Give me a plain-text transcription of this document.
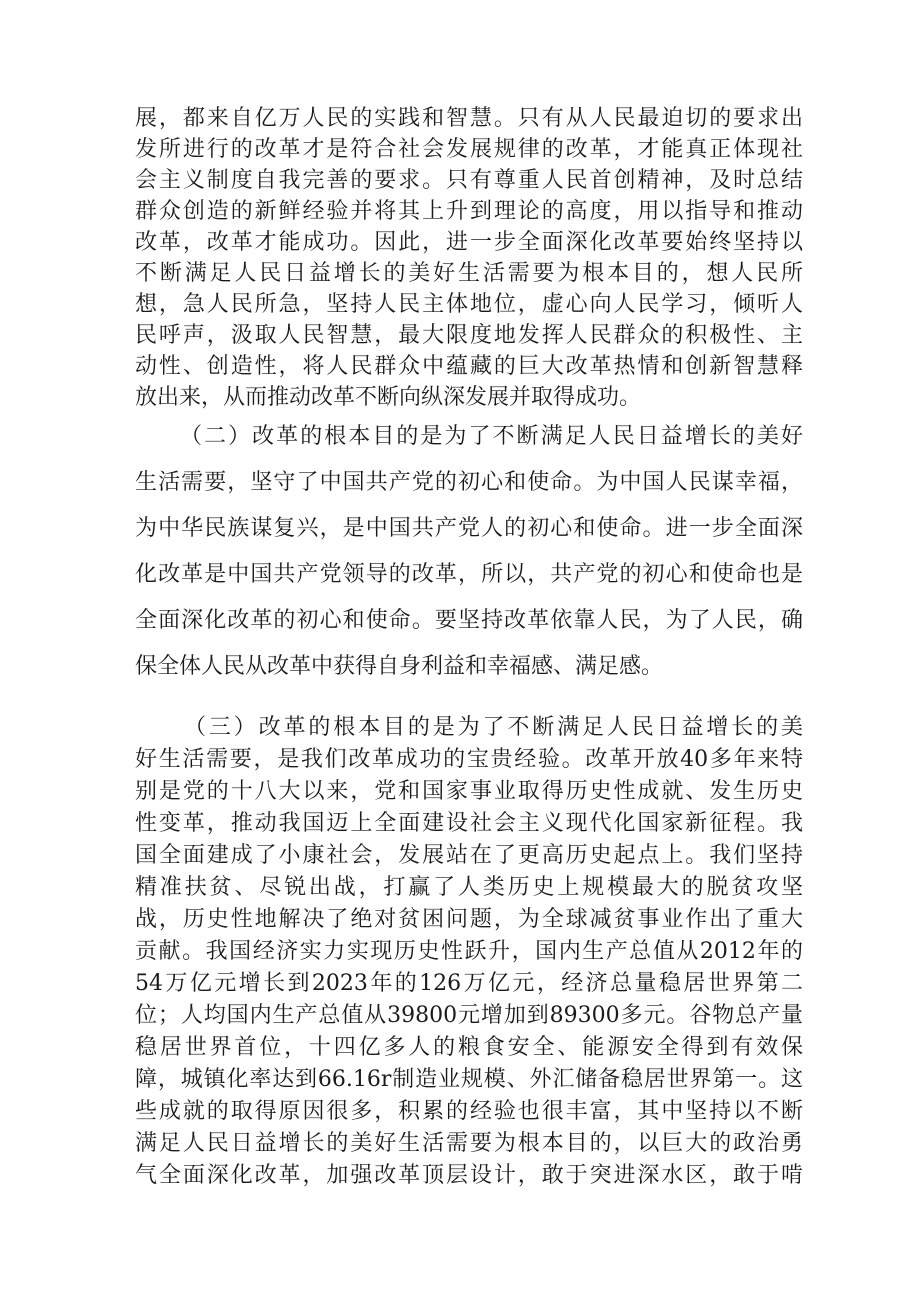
展，都来自亿万人民的实践和智慧。只有从人民最迫切的要求出
发所进行的改革才是符合社会发展规律的改革，才能真正体现社
会主义制度自我完善的要求。只有尊重人民首创精神，及时总结
群众创造的新鲜经验并将其上升到理论的高度，用以指导和推动
改革，改革才能成功。因此，进一步全面深化改革要始终坚持以
不断满足人民日益增长的美好生活需要为根本目的，想人民所
想，急人民所急，坚持人民主体地位，虚心向人民学习，倾听人
民呼声，汲取人民智慧，最大限度地发挥人民群众的积极性、主
动性、创造性，将人民群众中蕴藏的巨大改革热情和创新智慧释
放出来，从而推动改革不断向纵深发展并取得成功。
（二）改革的根本目的是为了不断满足人民日益增长的美好
生活需要，坚守了中国共产党的初心和使命。为中国人民谋幸福，
为中华民族谋复兴，是中国共产党人的初心和使命。进一步全面深
化改革是中国共产党领导的改革，所以，共产党的初心和使命也是
全面深化改革的初心和使命。要坚持改革依靠人民，为了人民，确
保全体人民从改革中获得自身利益和幸福感、满足感。
（三）改革的根本目的是为了不断满足人民日益增长的美
好生活需要，是我们改革成功的宝贵经验。改革开放40多年来特
别是党的十八大以来，党和国家事业取得历史性成就、发生历史
性变革，推动我国迈上全面建设社会主义现代化国家新征程。我
国全面建成了小康社会，发展站在了更高历史起点上。我们坚持
精准扶贫、尽锐出战，打赢了人类历史上规模最大的脱贫攻坚
战，历史性地解决了绝对贫困问题，为全球减贫事业作出了重大
贡献。我国经济实力实现历史性跃升，国内生产总值从2012年的
54万亿元增长到2023年的126万亿元，经济总量稳居世界第二
位；人均国内生产总值从39800元增加到89300多元。谷物总产量
稳居世界首位，十四亿多人的粮食安全、能源安全得到有效保
障，城镇化率达到66.16r制造业规模、外汇储备稳居世界第一。这
些成就的取得原因很多，积累的经验也很丰富，其中坚持以不断
满足人民日益增长的美好生活需要为根本目的，以巨大的政治勇
气全面深化改革，加强改革顶层设计，敢于突进深水区，敢于啃
